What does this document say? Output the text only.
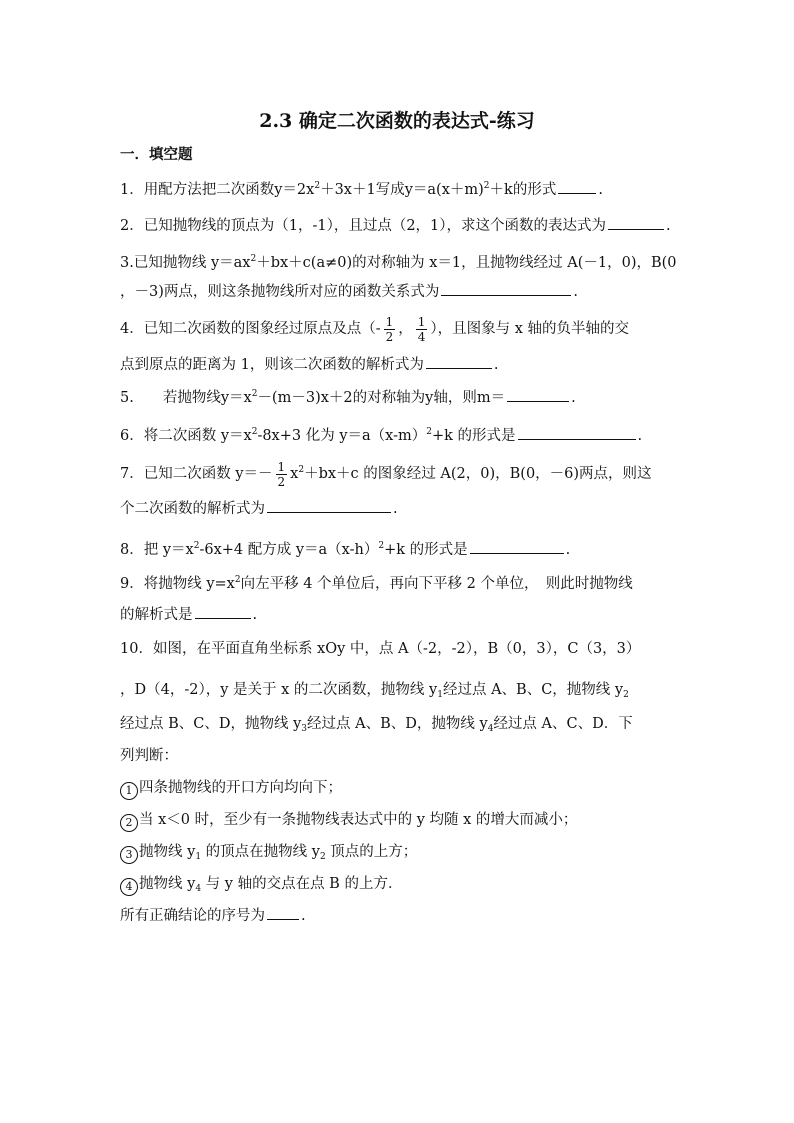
2.3 确定二次函数的表达式-练习
一．填空题
1．用配方法把二次函数$y=2x^2+3x+1$写成$y=a(x+m)^2+k$的形式	.
2．已知抛物线的顶点为（1，-1），且过点（2，1），求这个函数的表达式为	.
3.已知抛物线 $y=ax^2+bx+c(a\ne 0)$的对称轴为 x＝1，且抛物线经过 A(－1，0)，B(0
，－3)两点，则这条抛物线所对应的函数关系式为	.
4．已知二次函数的图象经过原点及点（- $\frac{1}{2}$ ， $\frac{1}{4}$ ），且图象与 x 轴的负半轴的交
点到原点的距离为 1，则该二次函数的解析式为	.
5.　　若抛物线$y=x^2-(m-3)x+2$的对称轴为y轴，则m＝	.
6．将二次函数 $y=x^2-8x+3$ 化为 $y=a(x-m)^2+k$ 的形式是	.
7．已知二次函数 $y=- \frac{1}{2} x^2+bx+c$ 的图象经过 A(2，0)，B(0，－6)两点，则这
个二次函数的解析式为	.
8．把 $y=x^2-6x+4$ 配方成 $y=a(x-h)^2+k$ 的形式是	.
9．将抛物线 $y=x^2$向左平移 4 个单位后，再向下平移 2 个单位，　则此时抛物线
的解析式是	.
10．如图，在平面直角坐标系 xOy 中，点 A（-2，-2），B（0，3），C（3，3）
，D（4，-2），y 是关于 x 的二次函数，抛物线 $y_1$经过点 A、B、C，抛物线 $y_2$
经过点 B、C、D，抛物线 $y_3$经过点 A、B、D，抛物线 $y_4$经过点 A、C、D．下
列判断：
1 四条抛物线的开口方向均向下；
2 当 x＜0 时，至少有一条抛物线表达式中的 y 均随 x 的增大而减小；
3 抛物线 $y_1$ 的顶点在抛物线 $y_2$ 顶点的上方；
4 抛物线 $y_4$ 与 y 轴的交点在点 B 的上方．
所有正确结论的序号为 .
